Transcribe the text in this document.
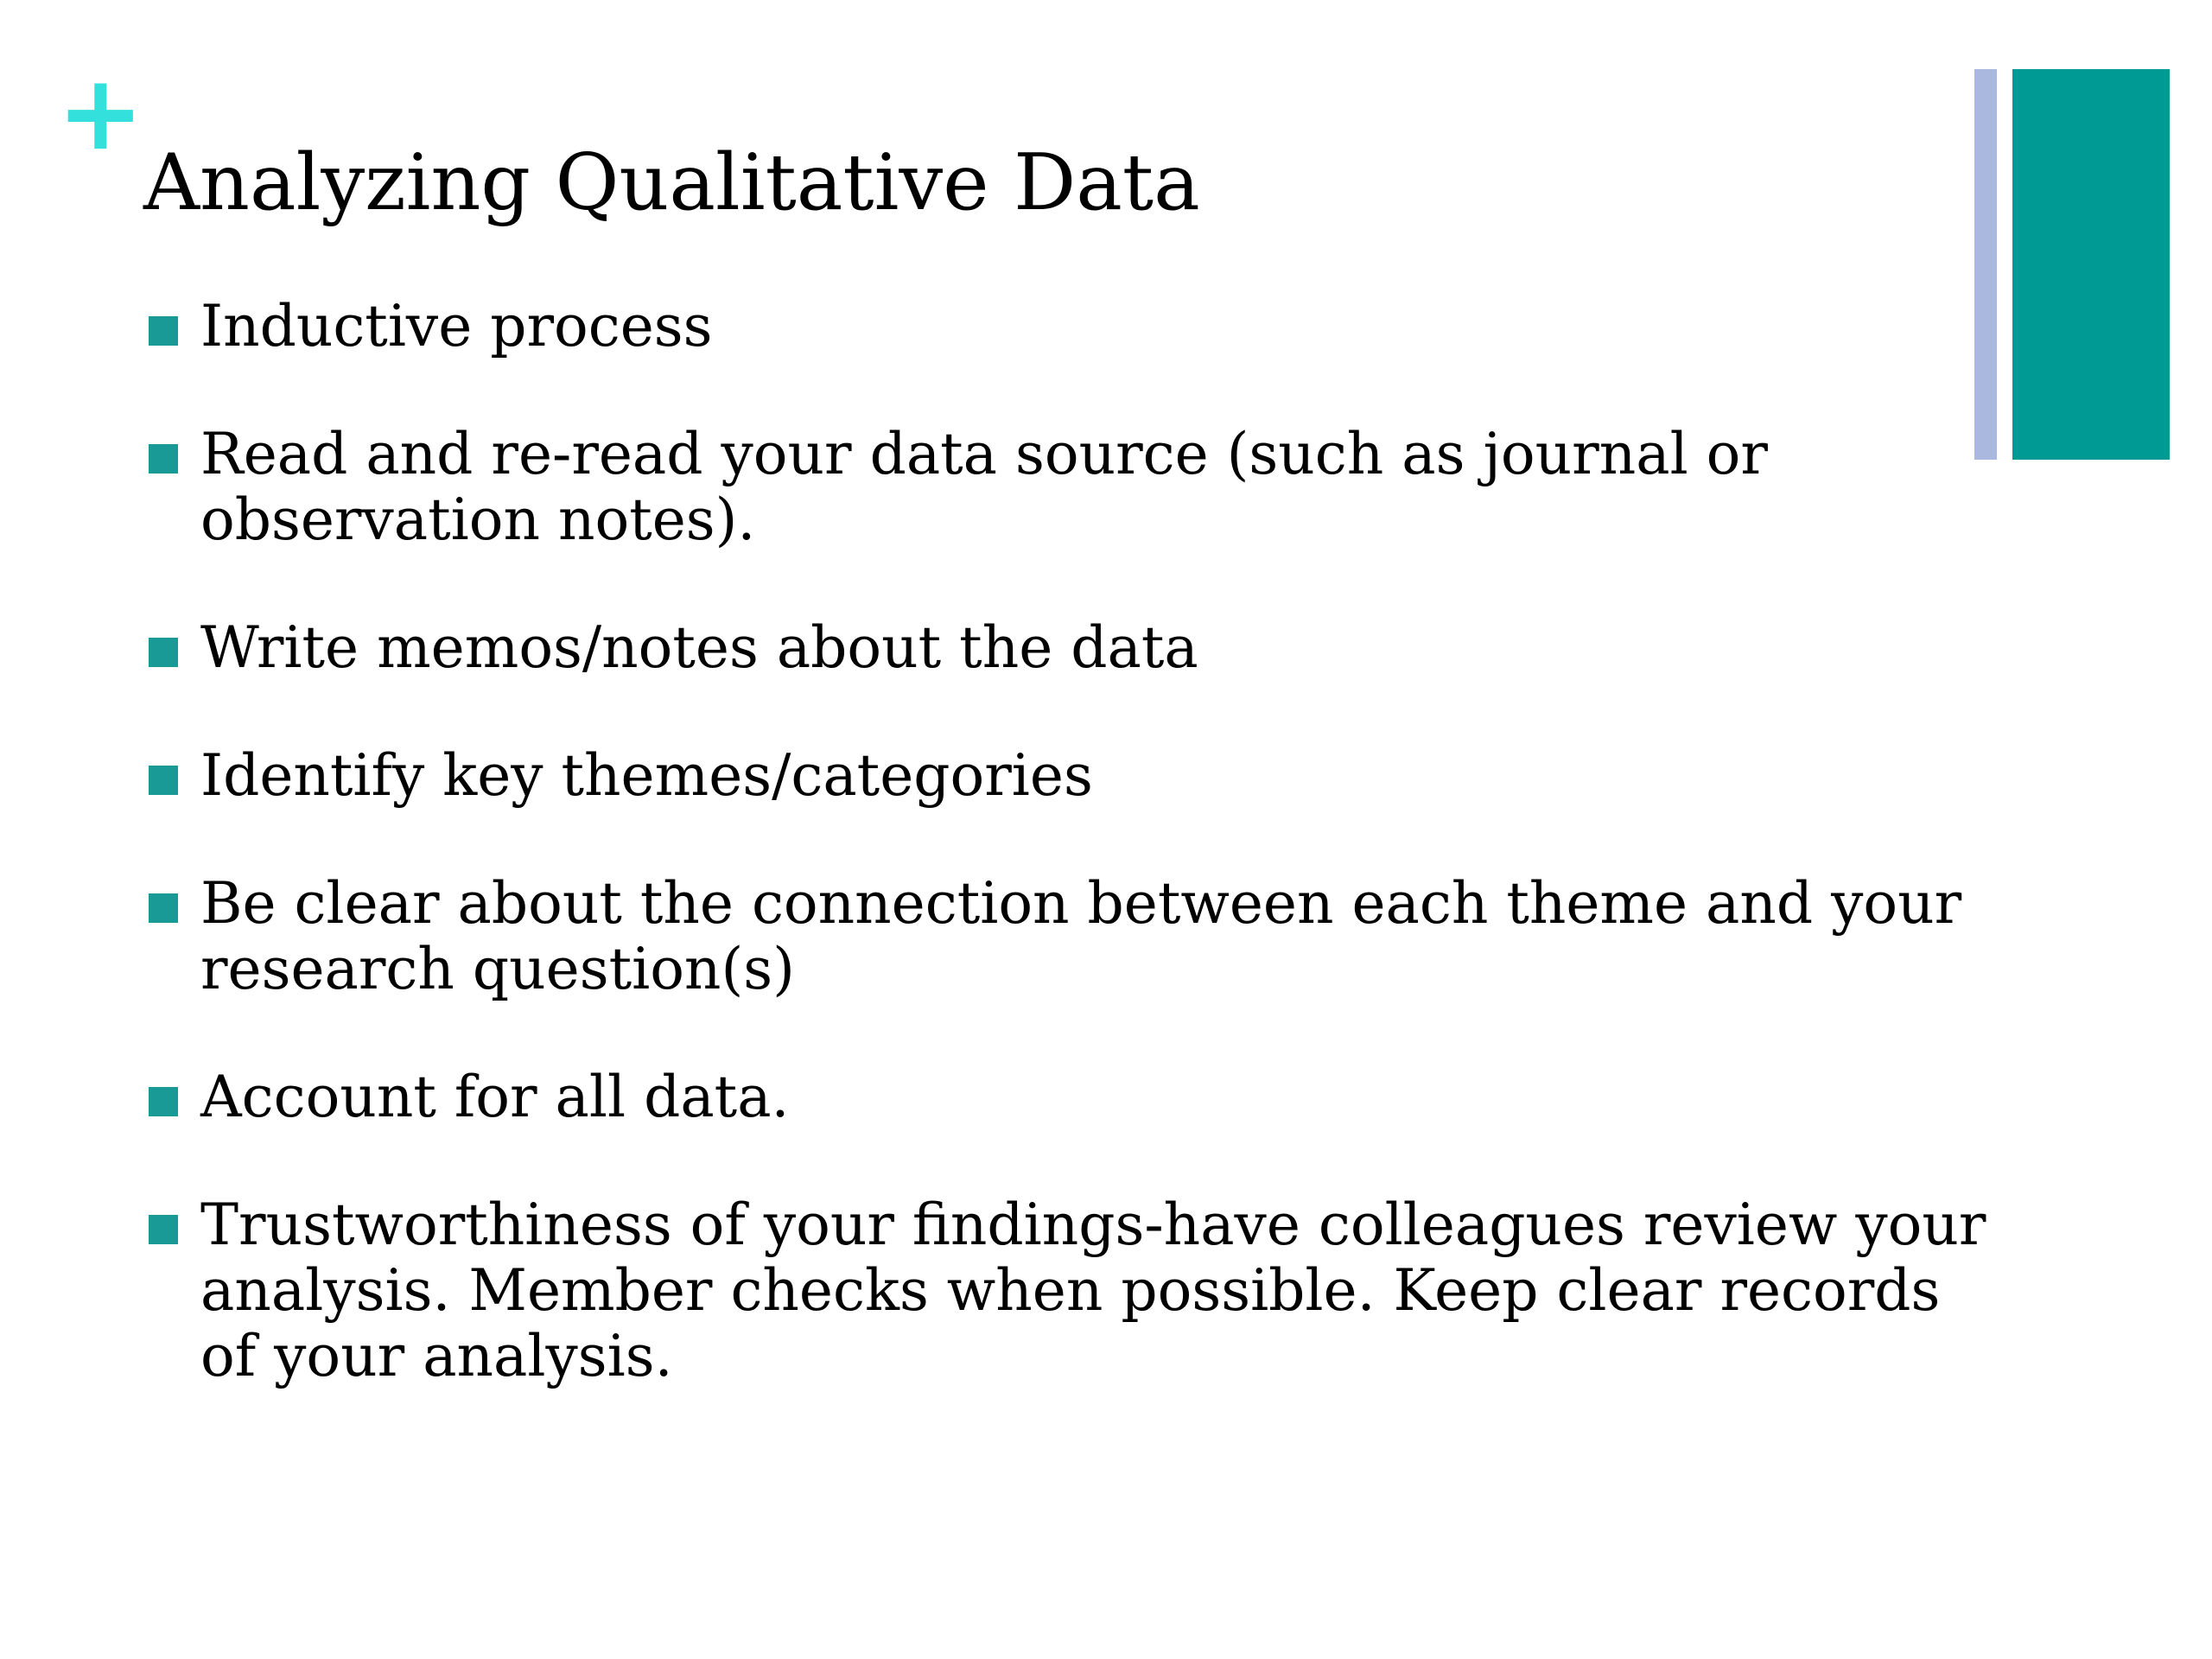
+
Analyzing Qualitative Data
Inductive process
Read and re-read your data source (such as journal or observation notes).
Write memos/notes about the data
Identify key themes/categories
Be clear about the connection between each theme and your research question(s)
Account for all data.
Trustworthiness of your findings-have colleagues review your analysis. Member checks when possible. Keep clear records of your analysis.
